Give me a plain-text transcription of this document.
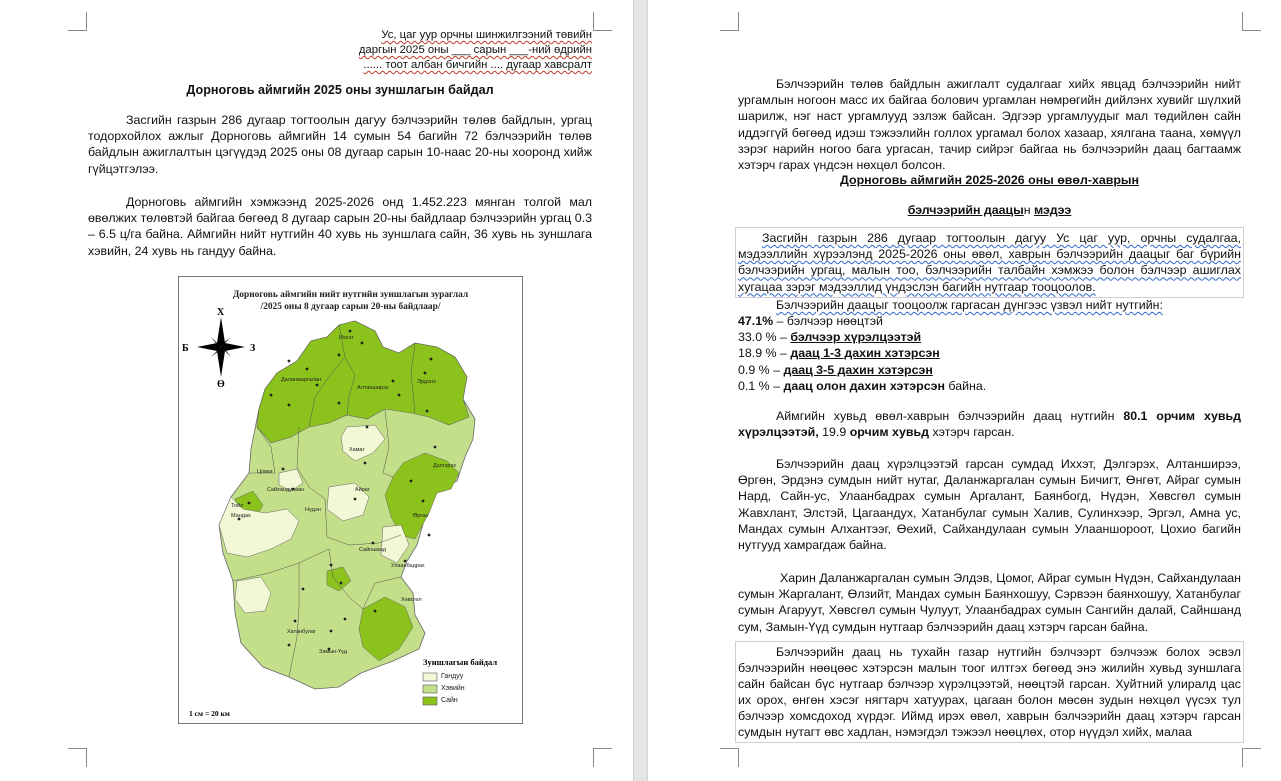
Ус, цаг уур орчны шинжилгээний төвийн
даргын 2025 оны ___ сарын ___-ний өдрийн
...... тоот албан бичгийн .... дугаар хавсралт
Дорноговь аймгийн 2025 оны зуншлагын байдал
Засгийн газрын 286 дугаар тогтоолын дагуу бэлчээрийн төлөв байдлын, ургац тодорхойлох ажлыг Дорноговь аймгийн 14 сумын 54 багийн 72 бэлчээрийн төлөв байдлын ажиглалтын цэгүүдэд 2025 оны 08 дугаар сарын 10-наас 20-ны хооронд хийж гүйцэтгэлээ.
Дорноговь аймгийн хэмжээнд 2025-2026 онд 1.452.223 мянган толгой мал өвөлжих төлөвтэй байгаа бөгөөд 8 дугаар сарын 20-ны байдлаар бэлчээрийн ургац 0.3 – 6.5 ц/га байна. Аймгийн нийт нутгийн 40 хувь нь зуншлага сайн, 36 хувь нь зуншлага хэвийн, 24 хувь нь гандуу байна.
Дорноговь аймгийн нийт нутгийн зуншлагын зураглал
/2025 оны 8 дугаар сарын 20-ны байдлаар/
Х
Б	З
Ө	Даланжаргалан	Эрдэнэ
Айраг
Нүдэн
Мандах
Хатанбулаг
Сайншанд
Замын-Үүд
Өргөн
Улаанбадрах
Алтанширээ
Иххэт
Дэлгэрэх
Хөвсгөл
Сайхандулаан
Тойл
Цомог
Хамаг
Зуншлагын байдал
Гандуу
Хэвийн
Сайн
1 см = 20 км
Бэлчээрийн төлөв байдлын ажиглалт судалгааг хийх явцад бэлчээрийн нийт ургамлын ногоон масс их байгаа болович ургамлан нөмрөгийн дийлэнх хувийг шүлхий шарилж, нэг наст ургамлууд эзлэж байсан. Эдгээр ургамлуудыг мал төдийлөн сайн иддэггүй бөгөөд идэш тэжээлийн голлох ургамал болох хазаар, хялгана таана, хөмүүл зэрэг нарийн ногоо бага ургасан, тачир сийрэг байгаа нь бэлчээрийн даац багтаамж хэтэрч гарах үндсэн нөхцөл болсон.
Дорноговь аймгийн 2025-2026 оны өвөл-хаврын
бэлчээрийн даацын мэдээ
Засгийн газрын 286 дугаар тогтоолын дагуу Ус цаг уур, орчны судалгаа, мэдээллийн хүрээлэнд 2025-2026 оны өвөл, хаврын бэлчээрийн даацыг баг бүрийн бэлчээрийн ургац, малын тоо, бэлчээрийн талбайн хэмжээ болон бэлчээр ашиглах хугацаа зэрэг мэдээллид үндэслэн багийн нутгаар тооцоолов.
Бэлчээрийн даацыг тооцоолж гаргасан дүнгээс үзвэл нийт нутгийн:
47.1% – бэлчээр нөөцтэй
33.0 % – бэлчээр хүрэлцээтэй
18.9 % – даац 1-3 дахин хэтэрсэн
0.9 % – даац 3-5 дахин хэтэрсэн
0.1 % – даац олон дахин хэтэрсэн байна.
Аймгийн хувьд өвөл-хаврын бэлчээрийн даац нутгийн 80.1 орчим хувьд хүрэлцээтэй, 19.9 орчим хувьд хэтэрч гарсан.
Бэлчээрийн даац хүрэлцээтэй гарсан сумдад Иххэт, Дэлгэрэх, Алтанширээ, Өргөн, Эрдэнэ сумдын нийт нутаг, Даланжаргалан сумын Бичигт, Өнгөт, Айраг сумын Нард, Сайн-ус, Улаанбадрах сумын Аргалант, Баянбогд, Нүдэн, Хөвсгөл сумын Жавхлант, Элстэй, Цагаандух, Хатанбулаг сумын Халив, Сулинхээр, Эргэл, Амна ус, Мандах сумын Алхантээг, Өехий, Сайхандулаан сумын Улааншороот, Цохио багийн нутгууд хамрагдаж байна.
Харин Даланжаргалан сумын Элдэв, Цомог, Айраг сумын Нүдэн, Сайхандулаан сумын Жаргалант, Өлзийт, Мандах сумын Баянхошуу, Сэрвээн баянхошуу, Хатанбулаг сумын Агаруут, Хөвсгөл сумын Чулуут, Улаанбадрах сумын Сангийн далай, Сайншанд сум, Замын-Үүд сумдын нутгаар бэлчээрийн даац хэтэрч гарсан байна.
Бэлчээрийн даац нь тухайн газар нутгийн бэлчээрт бэлчээж болох эсвэл бэлчээрийн нөөцөөс хэтэрсэн малын тоог илтгэх бөгөөд энэ жилийн хувьд зуншлага сайн байсан бүс нутгаар бэлчээр хүрэлцээтэй, нөөцтэй гарсан. Хуйтний улиралд цас их орох, өнгөн хэсэг нягтарч хатуурах, цагаан болон мөсөн зудын нөхцөл үүсэх тул бэлчээр хомсдоход хүрдэг. Иймд ирэх өвөл, хаврын бэлчээрийн даац хэтэрч гарсан сумдын нутагт өвс хадлан, нэмэгдэл тэжээл нөөцлөх, отор нүүдэл хийх, малаа
